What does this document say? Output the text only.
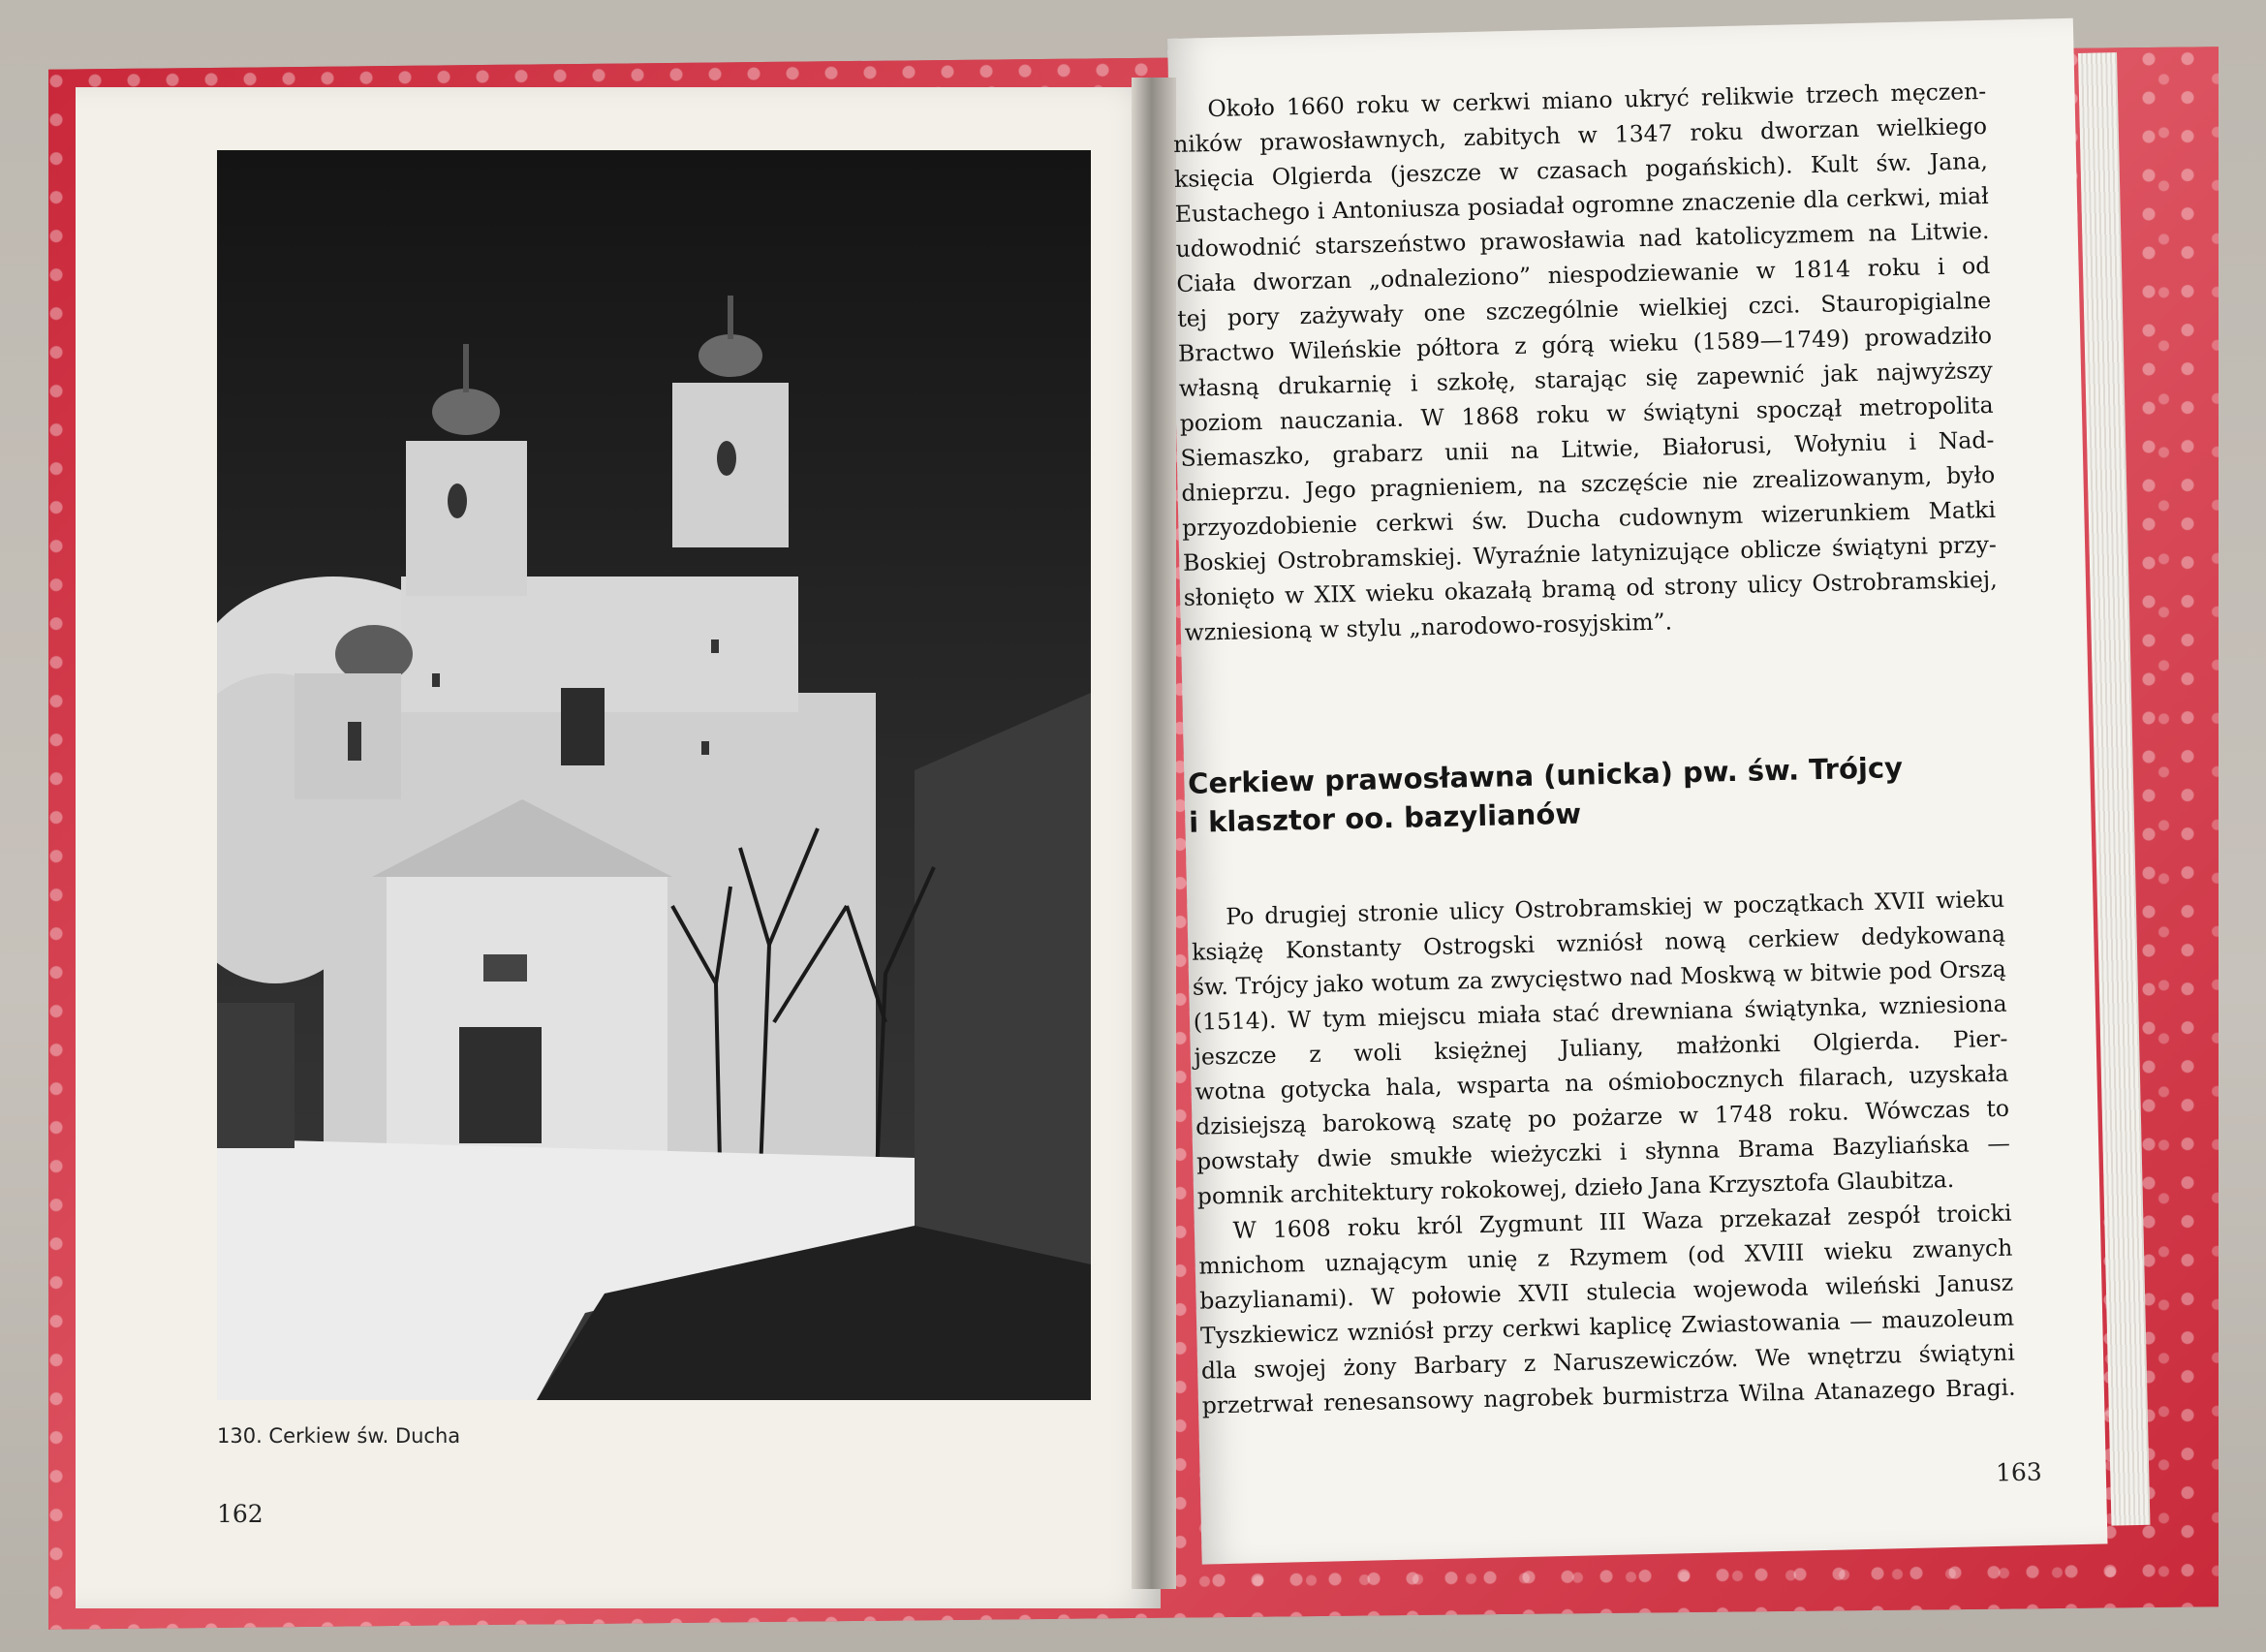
130. Cerkiew św. Ducha
162

Około 1660 roku w cerkwi miano ukryć relikwie trzech męczen-
ników prawosławnych, zabitych w 1347 roku dworzan wielkiego
księcia Olgierda (jeszcze w czasach pogańskich). Kult św. Jana,
Eustachego i Antoniusza posiadał ogromne znaczenie dla cerkwi, miał
udowodnić starszeństwo prawosławia nad katolicyzmem na Litwie.
Ciała dworzan „odnaleziono” niespodziewanie w 1814 roku i od
tej pory zażywały one szczególnie wielkiej czci. Stauropigialne
Bractwo Wileńskie półtora z górą wieku (1589—1749) prowadziło
własną drukarnię i szkołę, starając się zapewnić jak najwyższy
poziom nauczania. W 1868 roku w świątyni spoczął metropolita
Siemaszko, grabarz unii na Litwie, Białorusi, Wołyniu i Nad-
dnieprzu. Jego pragnieniem, na szczęście nie zrealizowanym, było
przyozdobienie cerkwi św. Ducha cudownym wizerunkiem Matki
Boskiej Ostrobramskiej. Wyraźnie latynizujące oblicze świątyni przy-
słonięto w XIX wieku okazałą bramą od strony ulicy Ostrobramskiej,
wzniesioną w stylu „narodowo-rosyjskim”.

Cerkiew prawosławna (unicka) pw. św. Trójcy
i klasztor oo. bazylianów

Po drugiej stronie ulicy Ostrobramskiej w początkach XVII wieku
książę Konstanty Ostrogski wzniósł nową cerkiew dedykowaną
św. Trójcy jako wotum za zwycięstwo nad Moskwą w bitwie pod Orszą
(1514). W tym miejscu miała stać drewniana świątynka, wzniesiona
jeszcze z woli księżnej Juliany, małżonki Olgierda. Pier-
wotna gotycka hala, wsparta na ośmiobocznych filarach, uzyskała
dzisiejszą barokową szatę po pożarze w 1748 roku. Wówczas to
powstały dwie smukłe wieżyczki i słynna Brama Bazyliańska —
pomnik architektury rokokowej, dzieło Jana Krzysztofa Glaubitza.

W 1608 roku król Zygmunt III Waza przekazał zespół troicki
mnichom uznającym unię z Rzymem (od XVIII wieku zwanych
bazylianami). W połowie XVII stulecia wojewoda wileński Janusz
Tyszkiewicz wzniósł przy cerkwi kaplicę Zwiastowania — mauzoleum
dla swojej żony Barbary z Naruszewiczów. We wnętrzu świątyni
przetrwał renesansowy nagrobek burmistrza Wilna Atanazego Bragi.

163
